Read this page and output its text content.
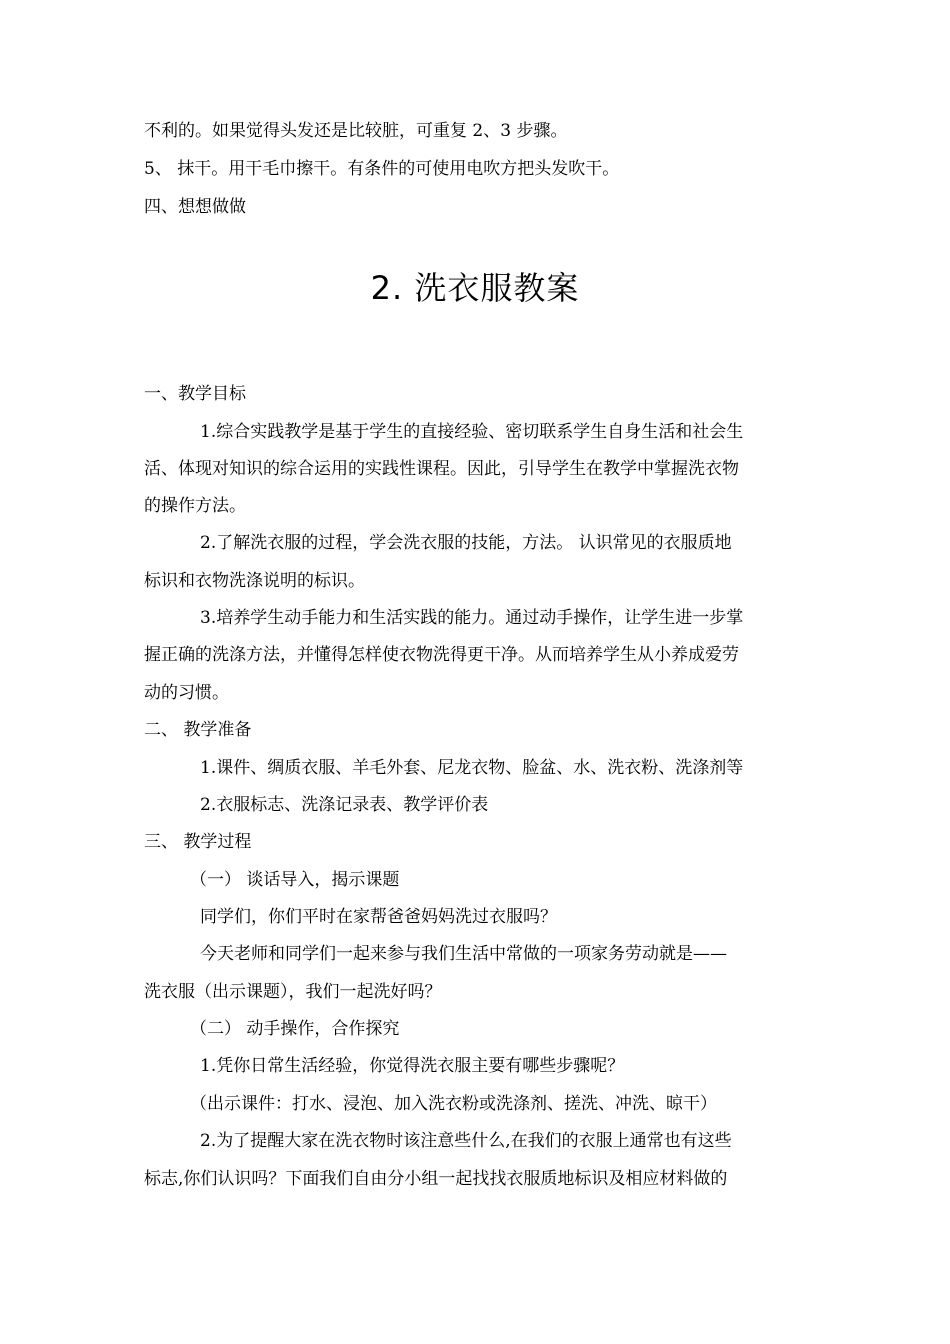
不利的。如果觉得头发还是比较脏，可重复 2、3 步骤。
5、 抹干。用干毛巾擦干。有条件的可使用电吹方把头发吹干。
四、想想做做
2. 洗衣服教案
一、教学目标
1.综合实践教学是基于学生的直接经验、密切联系学生自身生活和社会生
活、体现对知识的综合运用的实践性课程。因此，引导学生在教学中掌握洗衣物
的操作方法。
2.了解洗衣服的过程，学会洗衣服的技能，方法。 认识常见的衣服质地
标识和衣物洗涤说明的标识。
3.培养学生动手能力和生活实践的能力。通过动手操作，让学生进一步掌
握正确的洗涤方法，并懂得怎样使衣物洗得更干净。从而培养学生从小养成爱劳
动的习惯。
二、 教学准备
1.课件、绸质衣服、羊毛外套、尼龙衣物、脸盆、水、洗衣粉、洗涤剂等
2.衣服标志、洗涤记录表、教学评价表
三、 教学过程
（一） 谈话导入，揭示课题
同学们，你们平时在家帮爸爸妈妈洗过衣服吗？
今天老师和同学们一起来参与我们生活中常做的一项家务劳动就是——
洗衣服（出示课题），我们一起洗好吗？
（二） 动手操作，合作探究
1.凭你日常生活经验，你觉得洗衣服主要有哪些步骤呢？
（出示课件：打水、浸泡、加入洗衣粉或洗涤剂、搓洗、冲洗、晾干）
2.为了提醒大家在洗衣物时该注意些什么,在我们的衣服上通常也有这些
标志,你们认识吗？下面我们自由分小组一起找找衣服质地标识及相应材料做的
